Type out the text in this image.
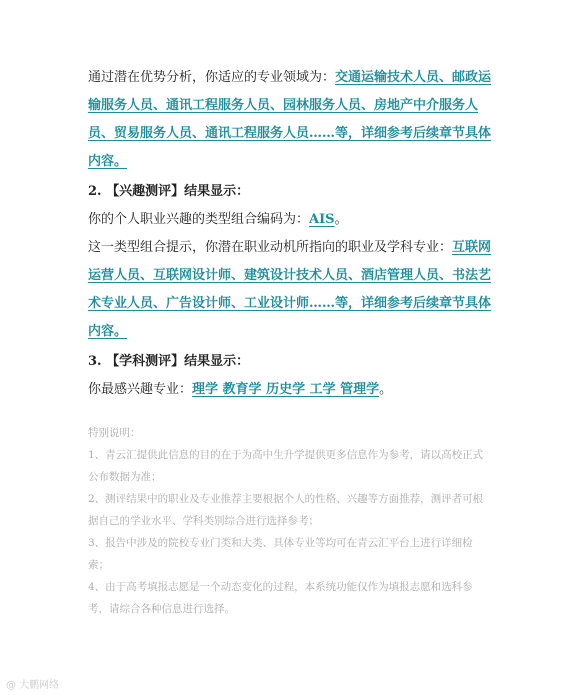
通过潜在优势分析，你适应的专业领域为：交通运输技术人员、邮政运输服务人员、通讯工程服务人员、园林服务人员、房地产中介服务人员、贸易服务人员、通讯工程服务人员……等，详细参考后续章节具体内容。

2. 【兴趣测评】结果显示：

你的个人职业兴趣的类型组合编码为：AIS。

这一类型组合提示，你潜在职业动机所指向的职业及学科专业：互联网运营人员、互联网设计师、建筑设计技术人员、酒店管理人员、书法艺术专业人员、广告设计师、工业设计师……等，详细参考后续章节具体内容。

3. 【学科测评】结果显示：

你最感兴趣专业：理学 教育学 历史学 工学 管理学。

特别说明：

1、青云汇提供此信息的目的在于为高中生升学提供更多信息作为参考，请以高校正式公布数据为准；

2、测评结果中的职业及专业推荐主要根据个人的性格、兴趣等方面推荐，测评者可根据自己的学业水平、学科类别综合进行选择参考；

3、报告中涉及的院校专业门类和大类、具体专业等均可在青云汇平台上进行详细检索；

4、由于高考填报志愿是一个动态变化的过程，本系统功能仅作为填报志愿和选科参考，请综合各种信息进行选择。

@ 大鹏网络
